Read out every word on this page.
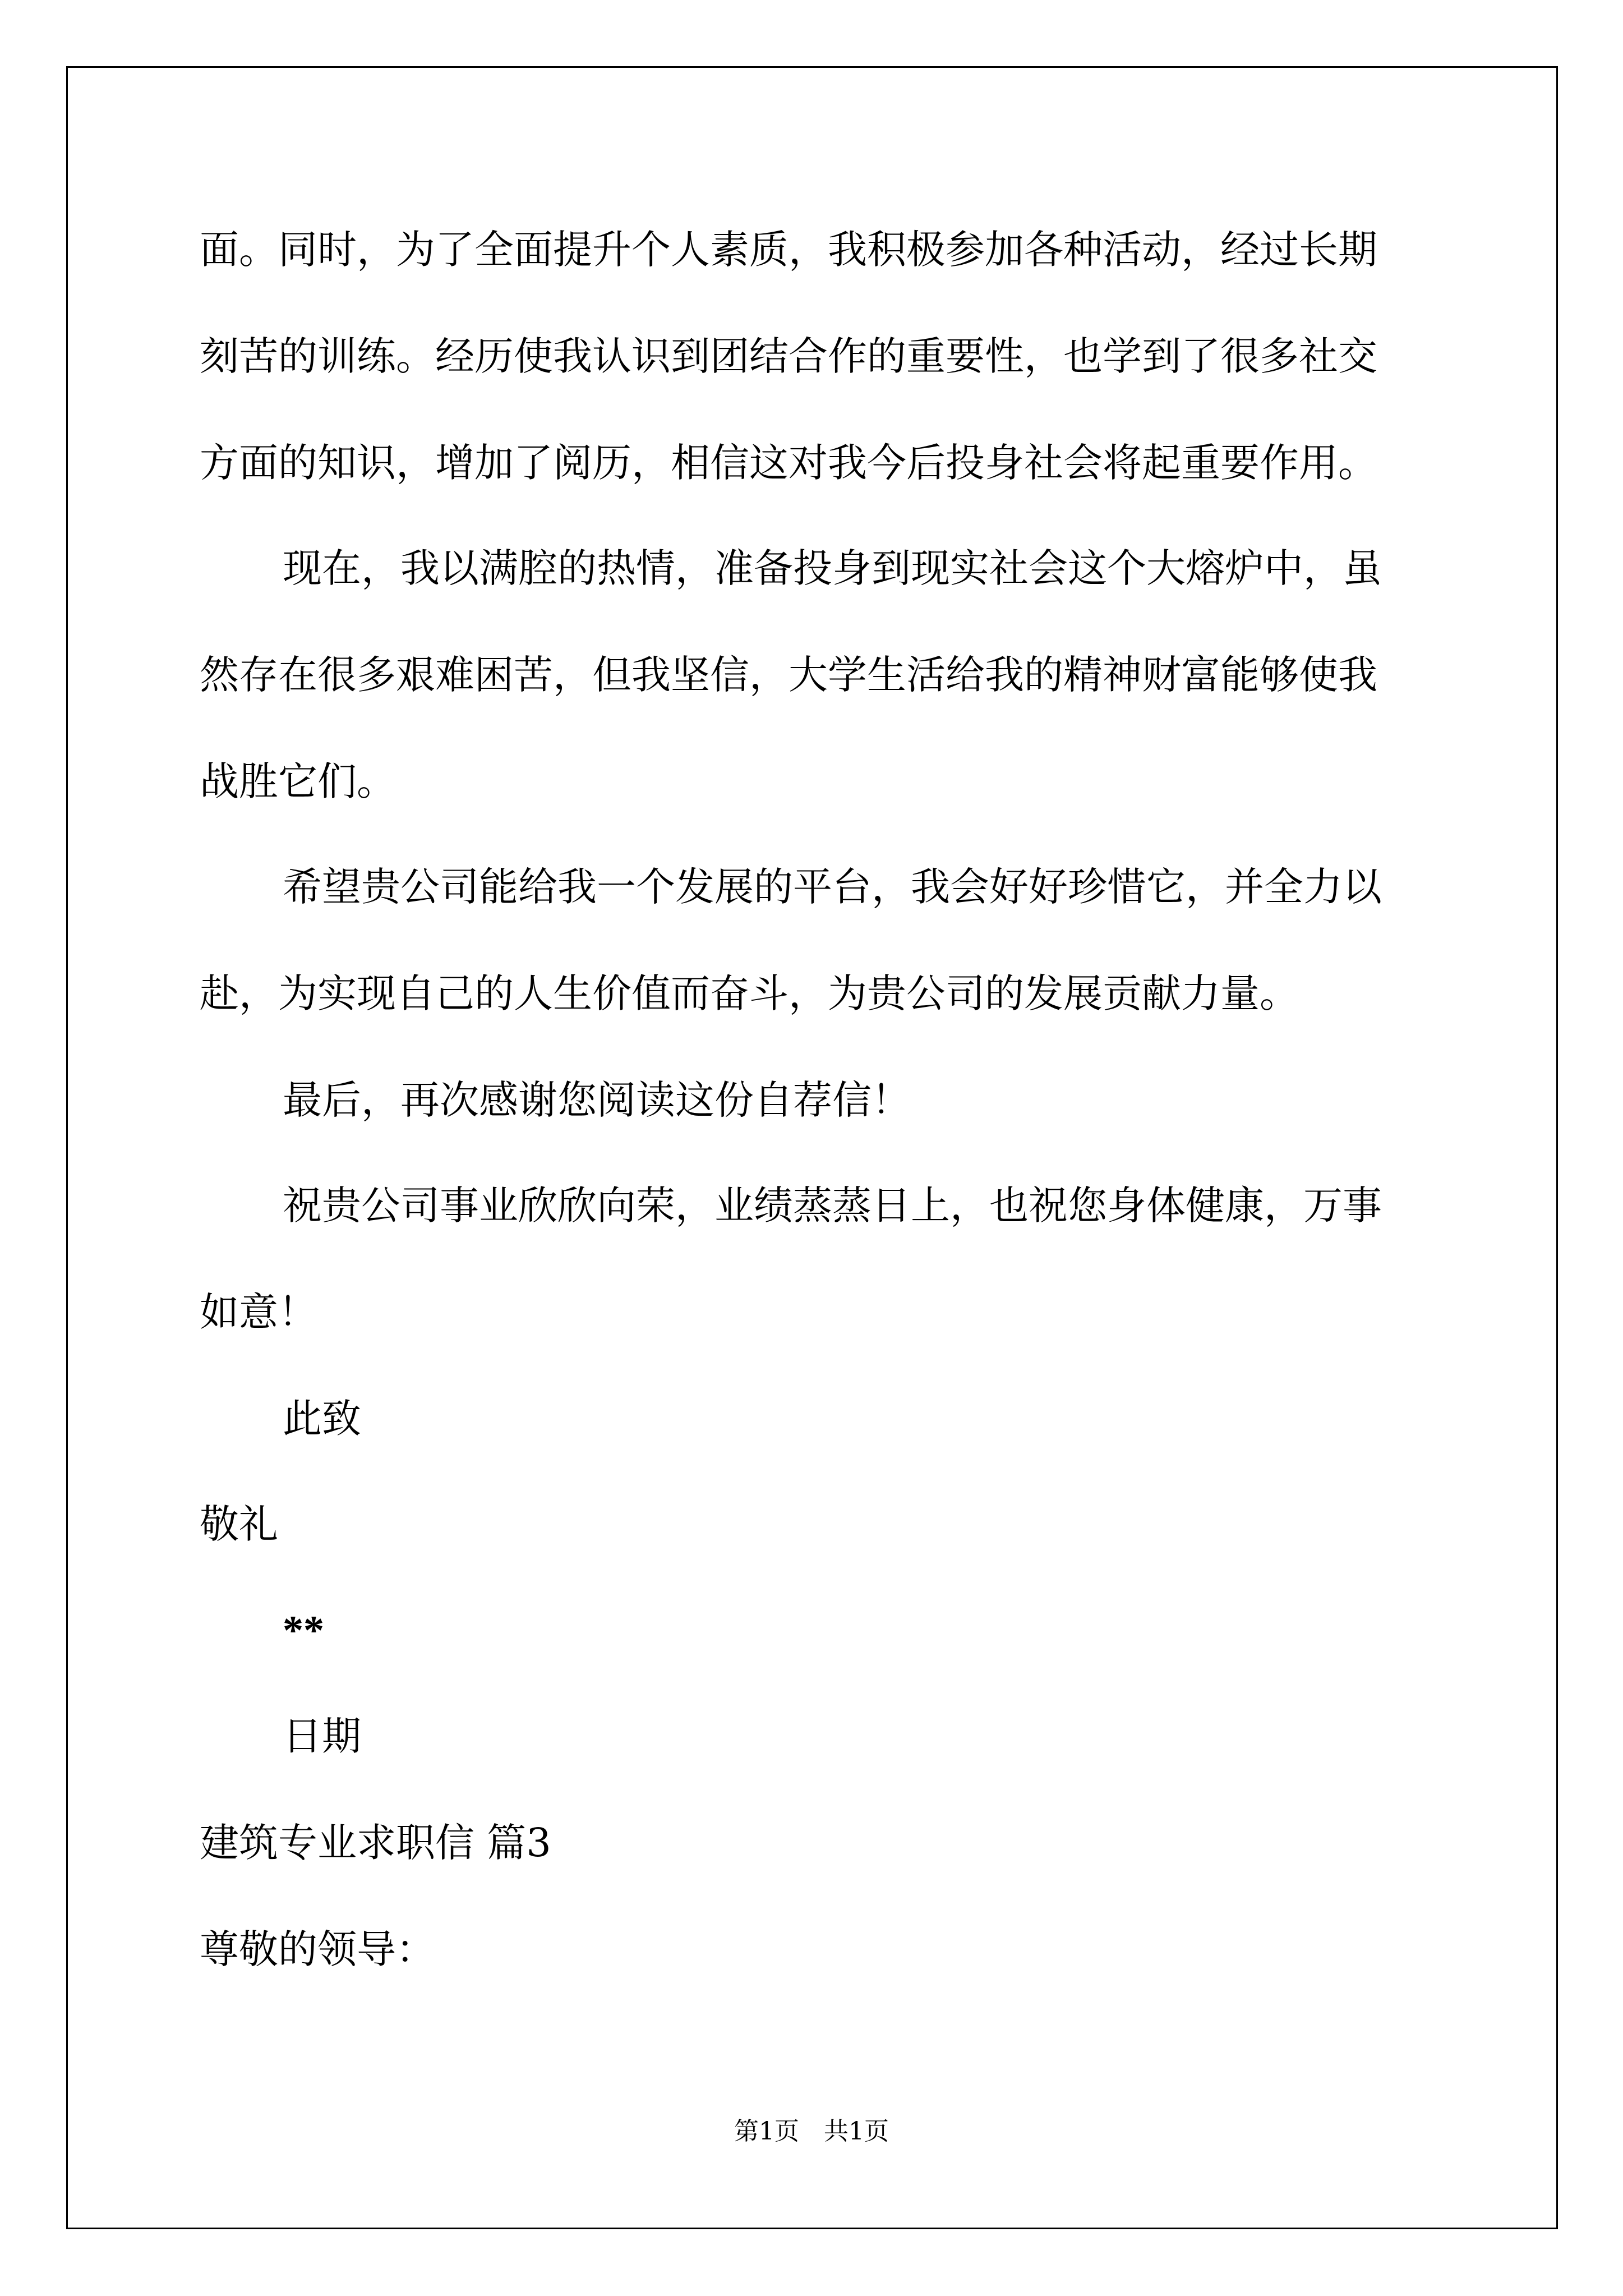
面。同时，为了全面提升个人素质，我积极参加各种活动，经过长期
刻苦的训练。经历使我认识到团结合作的重要性，也学到了很多社交
方面的知识，增加了阅历，相信这对我今后投身社会将起重要作用。
现在，我以满腔的热情，准备投身到现实社会这个大熔炉中，虽
然存在很多艰难困苦，但我坚信，大学生活给我的精神财富能够使我
战胜它们。
希望贵公司能给我一个发展的平台，我会好好珍惜它，并全力以
赴，为实现自己的人生价值而奋斗，为贵公司的发展贡献力量。
最后，再次感谢您阅读这份自荐信！
祝贵公司事业欣欣向荣，业绩蒸蒸日上，也祝您身体健康，万事
如意！
此致
敬礼
**
日期
建筑专业求职信 篇3
尊敬的领导：
第1页　共1页
